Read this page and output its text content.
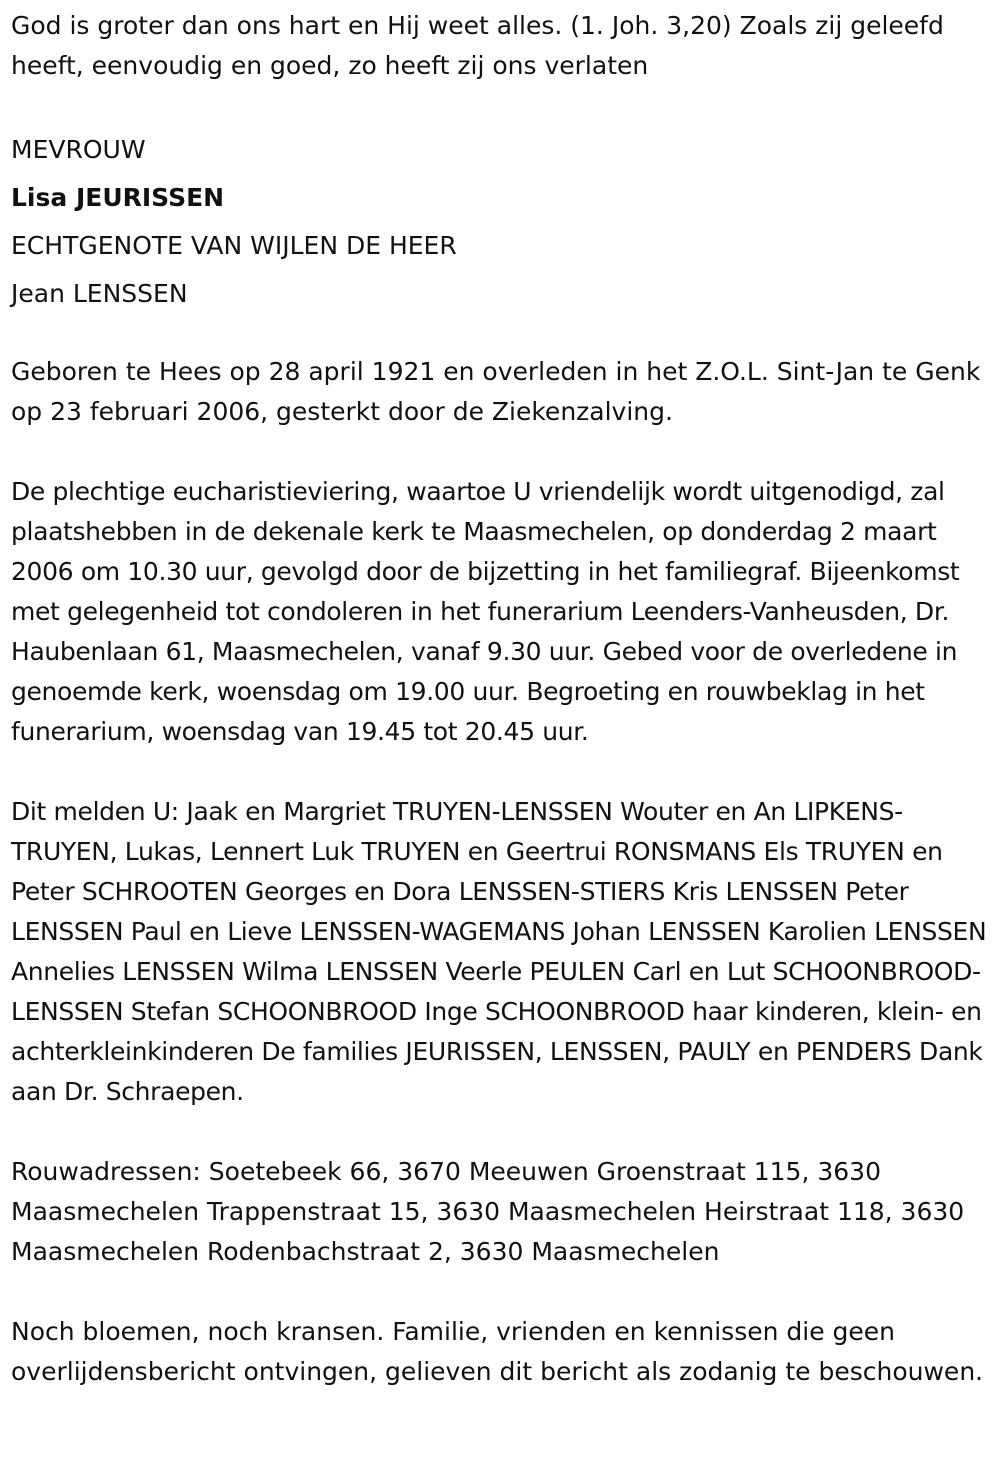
God is groter dan ons hart en Hij weet alles. (1. Joh. 3,20) Zoals zij geleefd heeft, eenvoudig en goed, zo heeft zij ons verlaten

MEVROUW

Lisa JEURISSEN

ECHTGENOTE VAN WIJLEN DE HEER

Jean LENSSEN

Geboren te Hees op 28 april 1921 en overleden in het Z.O.L. Sint-Jan te Genk op 23 februari 2006, gesterkt door de Ziekenzalving.

De plechtige eucharistieviering, waartoe U vriendelijk wordt uitgenodigd, zal plaatshebben in de dekenale kerk te Maasmechelen, op donderdag 2 maart 2006 om 10.30 uur, gevolgd door de bijzetting in het familiegraf. Bijeenkomst met gelegenheid tot condoleren in het funerarium Leenders-Vanheusden, Dr. Haubenlaan 61, Maasmechelen, vanaf 9.30 uur. Gebed voor de overledene in genoemde kerk, woensdag om 19.00 uur. Begroeting en rouwbeklag in het funerarium, woensdag van 19.45 tot 20.45 uur.

Dit melden U: Jaak en Margriet TRUYEN-LENSSEN Wouter en An LIPKENS-TRUYEN, Lukas, Lennert Luk TRUYEN en Geertrui RONSMANS Els TRUYEN en Peter SCHROOTEN Georges en Dora LENSSEN-STIERS Kris LENSSEN Peter LENSSEN Paul en Lieve LENSSEN-WAGEMANS Johan LENSSEN Karolien LENSSEN Annelies LENSSEN Wilma LENSSEN Veerle PEULEN Carl en Lut SCHOONBROOD-LENSSEN Stefan SCHOONBROOD Inge SCHOONBROOD haar kinderen, klein- en achterkleinkinderen De families JEURISSEN, LENSSEN, PAULY en PENDERS Dank aan Dr. Schraepen.

Rouwadressen: Soetebeek 66, 3670 Meeuwen Groenstraat 115, 3630 Maasmechelen Trappenstraat 15, 3630 Maasmechelen Heirstraat 118, 3630 Maasmechelen Rodenbachstraat 2, 3630 Maasmechelen

Noch bloemen, noch kransen. Familie, vrienden en kennissen die geen overlijdensbericht ontvingen, gelieven dit bericht als zodanig te beschouwen.
